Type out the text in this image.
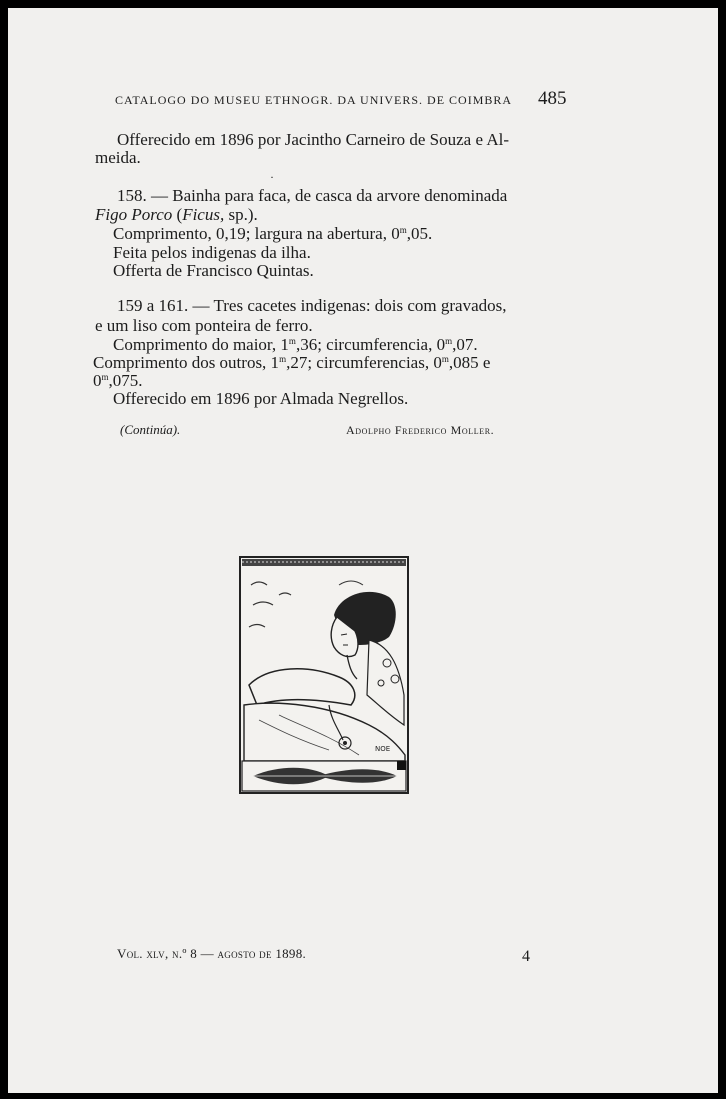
CATALOGO DO MUSEU ETHNOGR. DA UNIVERS. DE COIMBRA 485
Offerecido em 1896 por Jacintho Carneiro de Souza e Al-
meida.
·
158. — Bainha para faca, de casca da arvore denominada
Figo Porco (Ficus, sp.).
Comprimento, 0,19; largura na abertura, 0$^m$,05.
Feita pelos indigenas da ilha.
Offerta de Francisco Quintas.
159 a 161. — Tres cacetes indigenas: dois com gravados,
e um liso com ponteira de ferro.
Comprimento do maior, 1$^m$,36; circumferencia, 0$^m$,07.
Comprimento dos outros, 1$^m$,27; circumferencias, 0$^m$,085 e
0$^m$,075.
Offerecido em 1896 por Almada Negrellos.
(Continúa).	Adolpho Frederico Moller.
NOE
Vol. xlv, n.º 8 — agosto de 1898.	4
